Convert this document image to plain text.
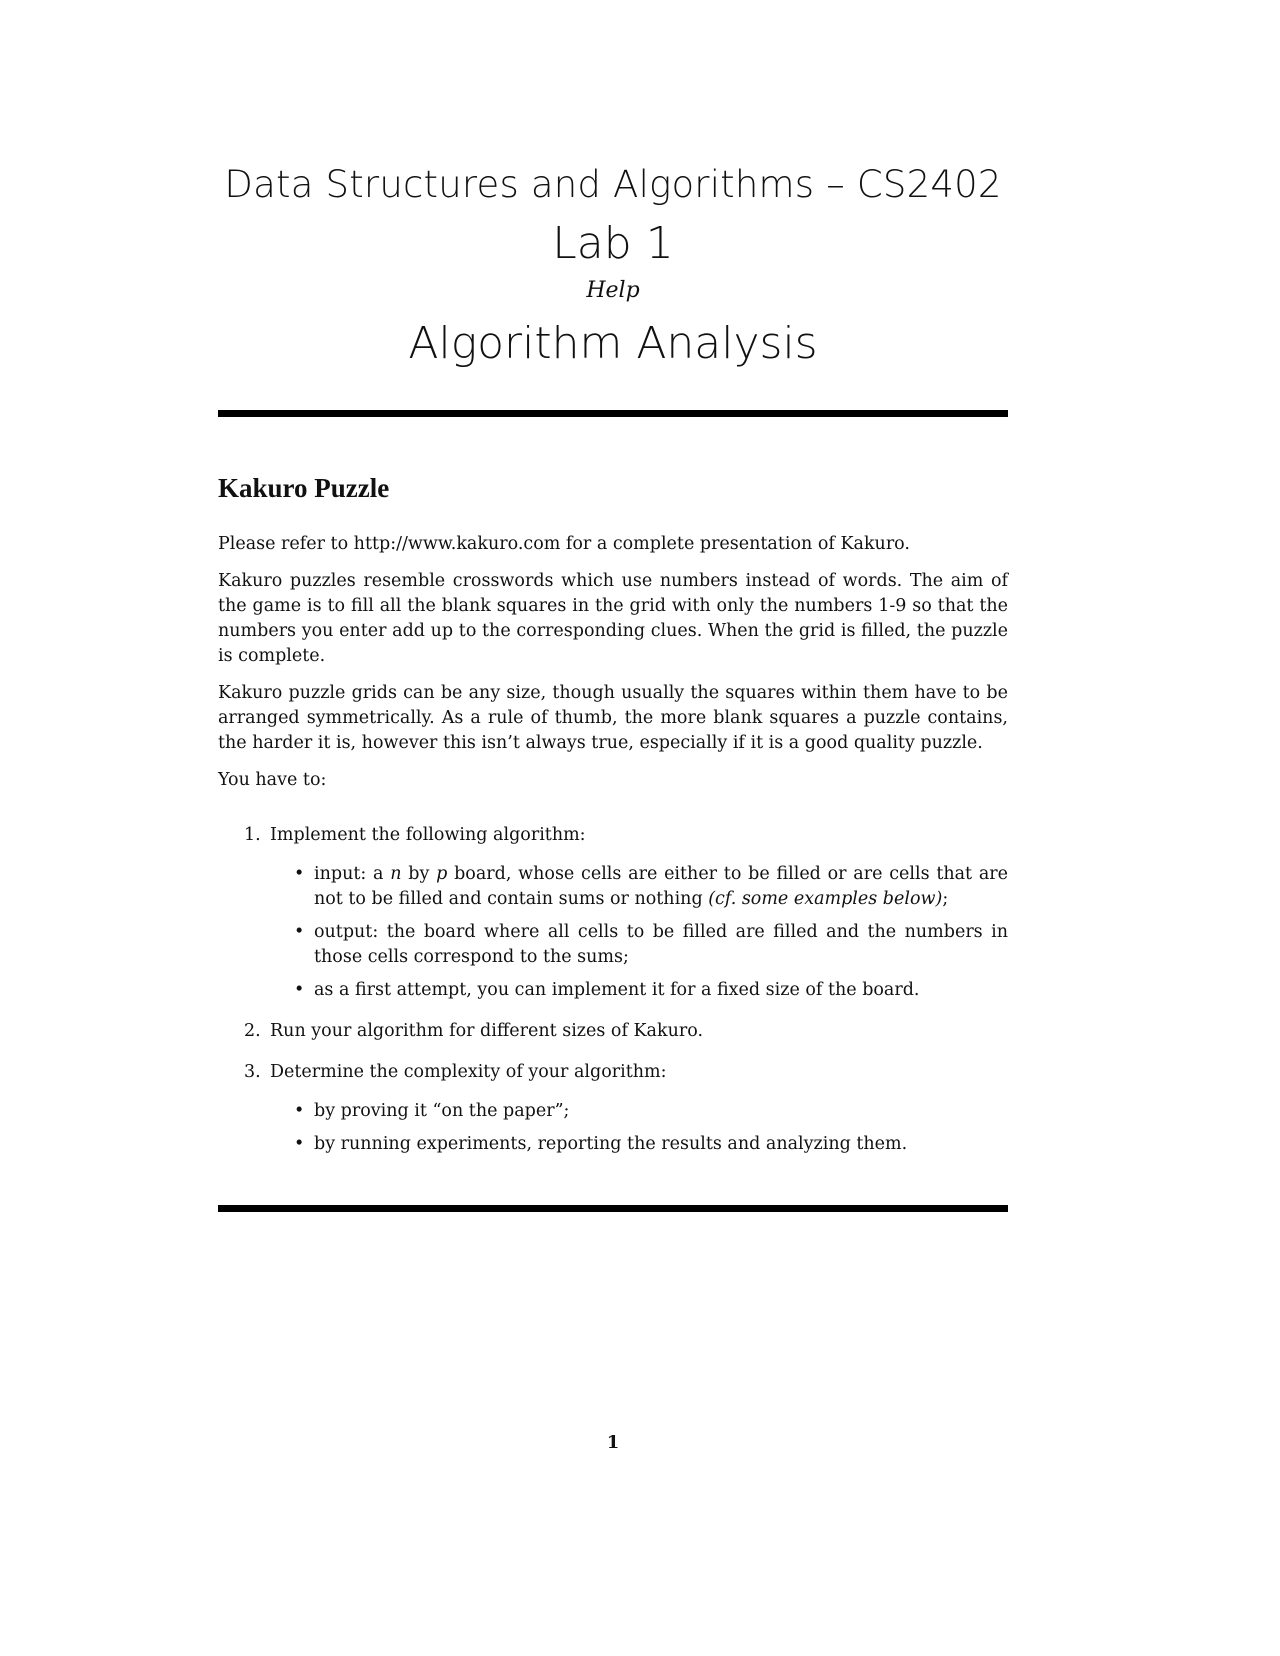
Data Structures and Algorithms – CS2402
Lab 1
Help
Algorithm Analysis
Kakuro Puzzle

Please refer to http://www.kakuro.com for a complete presentation of Kakuro.

Kakuro puzzles resemble crosswords which use numbers instead of words. The aim of the game is to fill all the blank squares in the grid with only the numbers 1-9 so that the numbers you enter add up to the corresponding clues. When the grid is filled, the puzzle is complete.

Kakuro puzzle grids can be any size, though usually the squares within them have to be arranged symmetrically. As a rule of thumb, the more blank squares a puzzle contains, the harder it is, however this isn’t always true, especially if it is a good quality puzzle.

You have to:

1. Implement the following algorithm:
• input: a n by p board, whose cells are either to be filled or are cells that are not to be filled and contain sums or nothing (cf. some examples below);
• output: the board where all cells to be filled are filled and the numbers in those cells correspond to the sums;
• as a first attempt, you can implement it for a fixed size of the board.
2. Run your algorithm for different sizes of Kakuro.
3. Determine the complexity of your algorithm:
• by proving it “on the paper”;
• by running experiments, reporting the results and analyzing them.
1
